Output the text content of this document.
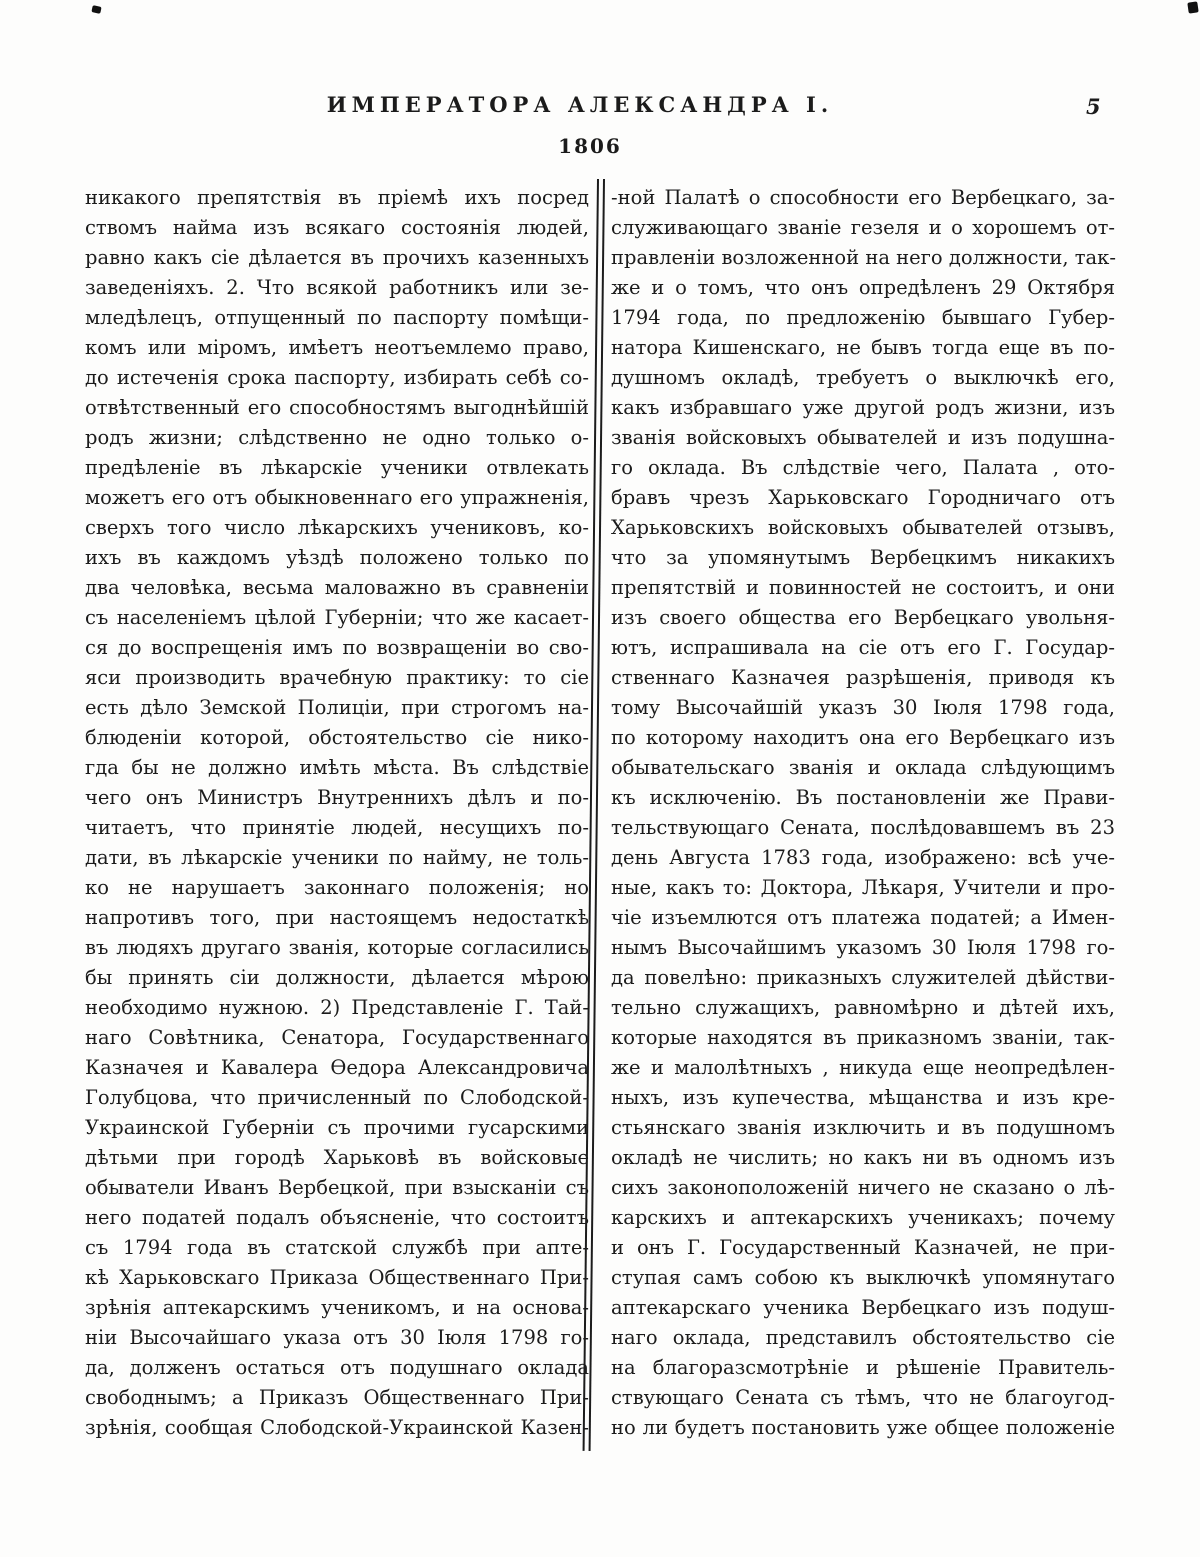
ИМПЕРАТОРА АЛЕКСАНДРА I.	5
1806
никакого препятствія въ пріемѣ ихъ посред
ствомъ найма изъ всякаго состоянія людей,
равно какъ сіе дѣлается въ прочихъ казенныхъ
заведеніяхъ. 2. Что всякой работникъ или зе-
мледѣлецъ, отпущенный по паспорту помѣщи-
комъ или міромъ, имѣетъ неотъемлемо право,
до истеченія срока паспорту, избирать себѣ со-
отвѣтственный его способностямъ выгоднѣйшій
родъ жизни; слѣдственно не одно только о-
предѣленіе въ лѣкарскіе ученики отвлекать
можетъ его отъ обыкновеннаго его упражненія,
сверхъ того число лѣкарскихъ учениковъ, ко-
ихъ въ каждомъ уѣздѣ положено только по
два человѣка, весьма маловажно въ сравненіи
съ населеніемъ цѣлой Губерніи; что же касает-
ся до воспрещенія имъ по возвращеніи во сво-
яси производить врачебную практику: то сіе
есть дѣло Земской Полиціи, при строгомъ на-
блюденіи которой, обстоятельство сіе нико-
гда бы не должно имѣть мѣста. Въ слѣдствіе
чего онъ Министръ Внутреннихъ дѣлъ и по-
читаетъ, что принятіе людей, несущихъ по-
дати, въ лѣкарскіе ученики по найму, не толь-
ко не нарушаетъ законнаго положенія; но
напротивъ того, при настоящемъ недостаткѣ
въ людяхъ другаго званія, которые согласились
бы принять сіи должности, дѣлается мѣрою
необходимо нужною. 2) Представленіе Г. Тай-
наго Совѣтника, Сенатора, Государственнаго
Казначея и Кавалера Ѳедора Александровича
Голубцова, что причисленный по Слободской-
Украинской Губерніи съ прочими гусарскими
дѣтьми при городѣ Харьковѣ въ войсковые
обыватели Иванъ Вербецкой, при взысканіи съ
него податей подалъ объясненіе, что состоитъ
съ 1794 года въ статской службѣ при апте-
кѣ Харьковскаго Приказа Общественнаго При-
зрѣнія аптекарскимъ ученикомъ, и на основа-
ніи Высочайшаго указа отъ 30 Іюля 1798 го-
да, долженъ остаться отъ подушнаго оклада
свободнымъ; а Приказъ Общественнаго При-
зрѣнія, сообщая Слободской-Украинской Казен-
-ной Палатѣ о способности его Вербецкаго, за-
служивающаго званіе гезеля и о хорошемъ от-
правленіи возложенной на него должности, так-
же и о томъ, что онъ опредѣленъ 29 Октября
1794 года, по предложенію бывшаго Губер-
натора Кишенскаго, не бывъ тогда еще въ по-
душномъ окладѣ, требуетъ о выключкѣ его,
какъ избравшаго уже другой родъ жизни, изъ
званія войсковыхъ обывателей и изъ подушна-
го оклада. Въ слѣдствіе чего, Палата , ото-
бравъ чрезъ Харьковскаго Городничаго отъ
Харьковскихъ войсковыхъ обывателей отзывъ,
что за упомянутымъ Вербецкимъ никакихъ
препятствій и повинностей не состоитъ, и они
изъ своего общества его Вербецкаго увольня-
ютъ, испрашивала на сіе отъ его Г. Государ-
ственнаго Казначея разрѣшенія, приводя къ
тому Высочайшій указъ 30 Іюля 1798 года,
по которому находитъ она его Вербецкаго изъ
обывательскаго званія и оклада слѣдующимъ
къ исключенію. Въ постановленіи же Прави-
тельствующаго Сената, послѣдовавшемъ въ 23
день Августа 1783 года, изображено: всѣ уче-
ные, какъ то: Доктора, Лѣкаря, Учители и про-
чіе изъемлются отъ платежа податей; а Имен-
нымъ Высочайшимъ указомъ 30 Іюля 1798 го-
да повелѣно: приказныхъ служителей дѣйстви-
тельно служащихъ, равномѣрно и дѣтей ихъ,
которые находятся въ приказномъ званіи, так-
же и малолѣтныхъ , никуда еще неопредѣлен-
ныхъ, изъ купечества, мѣщанства и изъ кре-
стьянскаго званія изключить и въ подушномъ
окладѣ не числить; но какъ ни въ одномъ изъ
сихъ законоположеній ничего не сказано о лѣ-
карскихъ и аптекарскихъ ученикахъ; почему
и онъ Г. Государственный Казначей, не при-
ступая самъ собою къ выключкѣ упомянутаго
аптекарскаго ученика Вербецкаго изъ подуш-
наго оклада, представилъ обстоятельство сіе
на благоразсмотрѣніе и рѣшеніе Правитель-
ствующаго Сената съ тѣмъ, что не благоугод-
но ли будетъ постановить уже общее положеніе
